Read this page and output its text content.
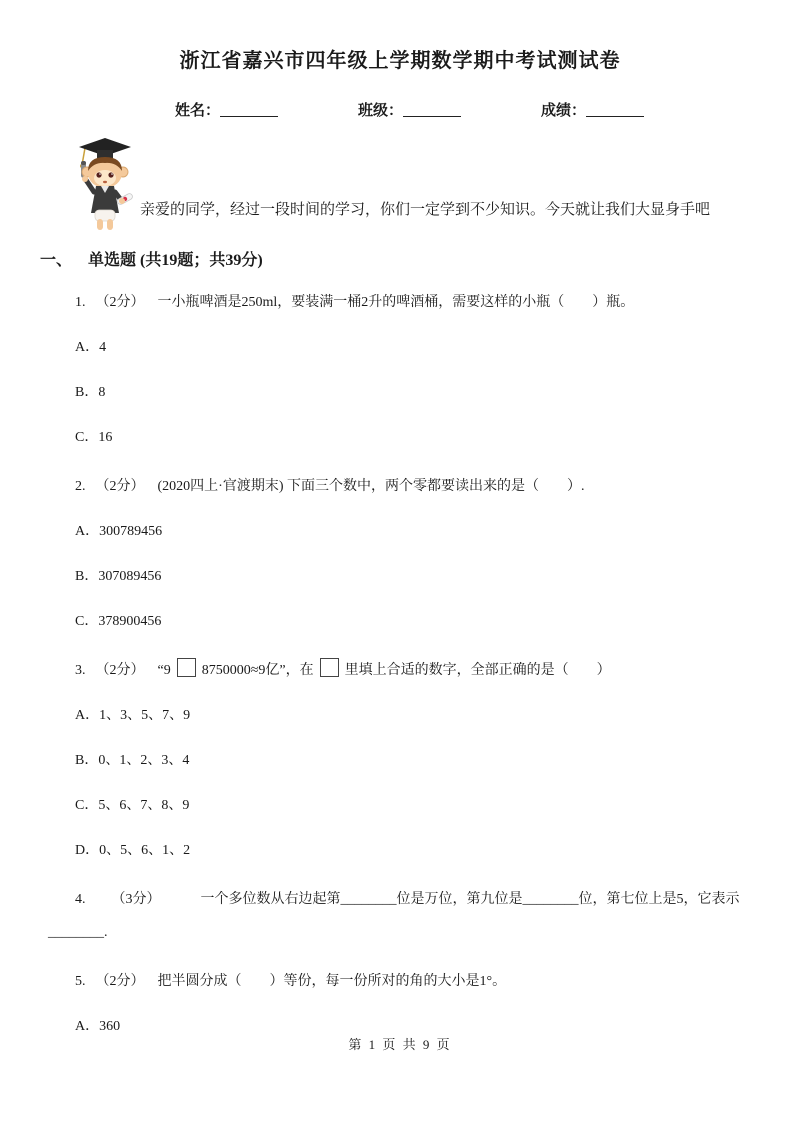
浙江省嘉兴市四年级上学期数学期中考试测试卷
姓名：	班级：	成绩：
亲爱的同学，经过一段时间的学习，你们一定学到不少知识。今天就让我们大显身手吧
一、 单选题 (共19题；共39分)
1. （2分） 一小瓶啤酒是250ml，要装满一桶2升的啤酒桶，需要这样的小瓶（　　）瓶。
A．4
B．8
C．16
2. （2分） (2020四上·官渡期末) 下面三个数中，两个零都要读出来的是（　　）.
A．300789456
B．307089456
C．378900456
3. （2分） “9 8750000≈9亿”，在 里填上合适的数字，全部正确的是（　　）
A．1、3、5、7、9
B．0、1、2、3、4
C．5、6、7、8、9
D．0、5、6、1、2
4. （3分）	一个多位数从右边起第________位是万位，第九位是________位，第七位上是5，它表示________.
5. （2分） 把半圆分成（　　）等份，每一份所对的角的大小是1°。
A．360
第 1 页 共 9 页
